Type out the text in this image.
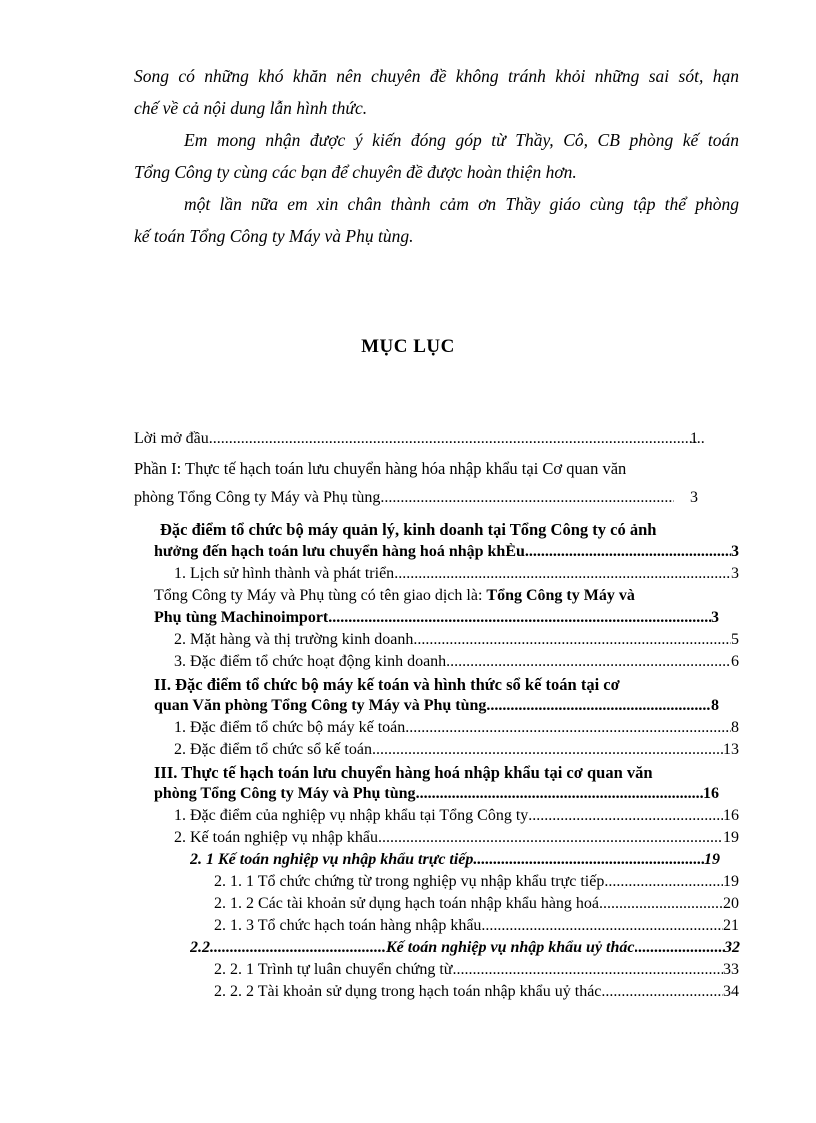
Song có những khó khăn nên chuyên đề không tránh khỏi những sai sót, hạn

chế về cả nội dung lẫn hình thức.

Em mong nhận được ý kiến đóng góp từ Thầy, Cô, CB phòng kế toán

Tổng Công ty cùng các bạn để chuyên đề được hoàn thiện hơn.

một lần nữa em xin chân thành cảm ơn Thầy giáo cùng tập thể phòng

kế toán Tổng Công ty Máy và Phụ tùng.

MỤC LỤC
Lời mở đầu .....	1
Phần I: Thực tế hạch toán lưu chuyển hàng hóa nhập khẩu tại Cơ quan văn
phòng Tổng Công ty Máy và Phụ tùng .....	3
Đặc điểm tổ chức bộ máy quản lý, kinh doanh tại Tổng Công ty có ảnh
hưởng đến hạch toán lưu chuyển hàng hoá nhập khÈu .....	3
1. Lịch sử hình thành và phát triển .....	3
Tổng Công ty Máy và Phụ tùng có tên giao dịch là: Tổng Công ty Máy và
Phụ tùng Machinoimport .....	3
2. Mặt hàng và thị trường kinh doanh .....	5
3. Đặc điểm tổ chức hoạt động kinh doanh .....	6
II. Đặc điểm tổ chức bộ máy kế toán và hình thức sổ kế toán tại cơ
quan Văn phòng Tổng Công ty Máy và Phụ tùng .....	8
1. Đặc điểm tổ chức bộ máy kế toán .....	8
2. Đặc điểm tổ chức sổ kế toán .....	13
III. Thực tế hạch toán lưu chuyển hàng hoá nhập khẩu tại cơ quan văn
phòng Tổng Công ty Máy và Phụ tùng .....	16
1. Đặc điểm của nghiệp vụ nhập khẩu tại Tổng Công ty .....	16
2. Kế toán nghiệp vụ nhập khẩu .....	19
2. 1 Kế toán nghiệp vụ nhập khẩu trực tiếp .....	19
2. 1. 1 Tổ chức chứng từ trong nghiệp vụ nhập khẩu trực tiếp .....	19
2. 1. 2 Các tài khoản sử dụng hạch toán nhập khẩu hàng hoá .....	20
2. 1. 3 Tổ chức hạch toán hàng nhập khẩu .....	21
2.2 .....	Kế toán nghiệp vụ nhập khẩu uỷ thác .....	32
2. 2. 1 Trình tự luân chuyển chứng từ .....	33
2. 2. 2 Tài khoản sử dụng trong hạch toán nhập khẩu uỷ thác .....	34
